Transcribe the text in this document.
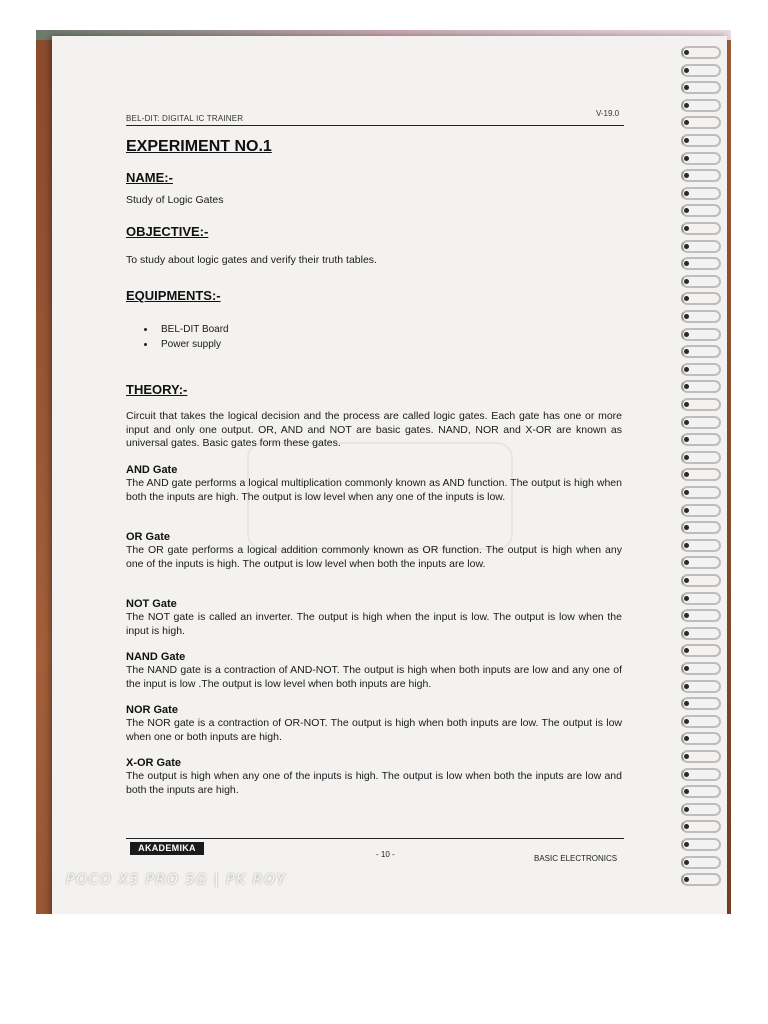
BEL-DIT: DIGITAL IC TRAINER
V-19.0
EXPERIMENT NO.1
NAME:-
Study of Logic Gates
OBJECTIVE:-
To study about logic gates and verify their truth tables.
EQUIPMENTS:-
BEL-DIT Board
Power supply
THEORY:-
Circuit that takes the logical decision and the process are called logic gates. Each gate has one or more input and only one output. OR, AND and NOT are basic gates. NAND, NOR and X-OR are known as universal gates. Basic gates form these gates.
AND Gate
The AND gate performs a logical multiplication commonly known as AND function. The output is high when both the inputs are high. The output is low level when any one of the inputs is low.
OR Gate
The OR gate performs a logical addition commonly known as OR function. The output is high when any one of the inputs is high. The output is low level when both the inputs are low.
NOT Gate
The NOT gate is called an inverter. The output is high when the input is low. The output is low when the input is high.
NAND Gate
The NAND gate is a contraction of AND-NOT. The output is high when both inputs are low and any one of the input is low .The output is low level when both inputs are high.
NOR Gate
The NOR gate is a contraction of OR-NOT. The output is high when both inputs are low. The output is low when one or both inputs are high.
X-OR Gate
The output is high when any one of the inputs is high. The output is low when both the inputs are low and both the inputs are high.
AKADEMIKA
- 10 -	BASIC ELECTRONICS
POCO X5 PRO 5G | PK ROY
